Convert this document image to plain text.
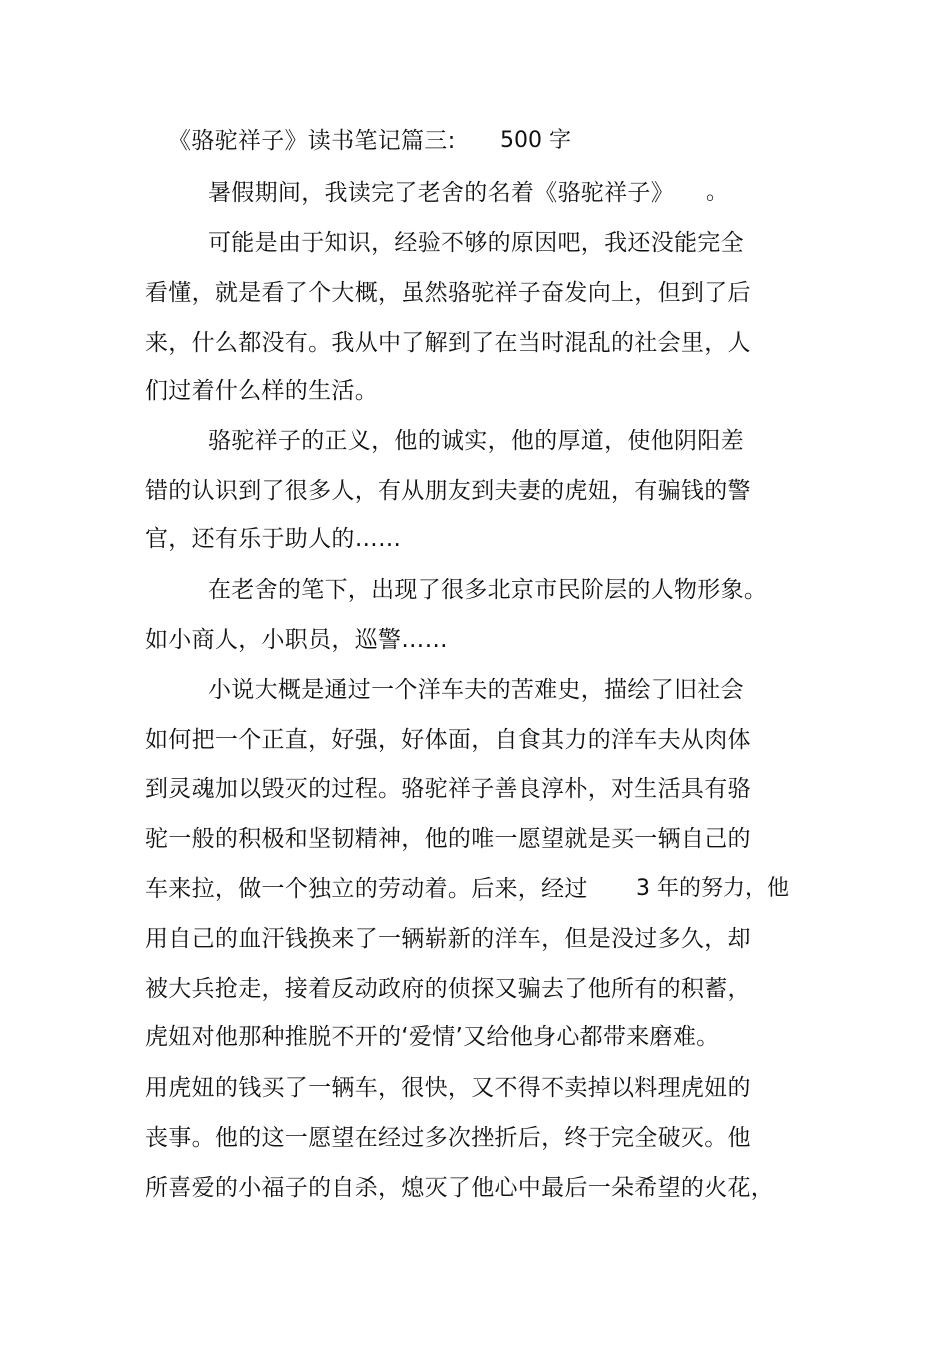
《骆驼祥子》读书笔记篇三: 500 字
暑假期间，我读完了老舍的名着《骆驼祥子》 。
可能是由于知识，经验不够的原因吧，我还没能完全
看懂，就是看了个大概，虽然骆驼祥子奋发向上，但到了后
来，什么都没有。我从中了解到了在当时混乱的社会里，人
们过着什么样的生活。
骆驼祥子的正义，他的诚实，他的厚道，使他阴阳差
错的认识到了很多人，有从朋友到夫妻的虎妞，有骗钱的警
官，还有乐于助人的……
在老舍的笔下，出现了很多北京市民阶层的人物形象。
如小商人，小职员，巡警……
小说大概是通过一个洋车夫的苦难史，描绘了旧社会
如何把一个正直，好强，好体面，自食其力的洋车夫从肉体
到灵魂加以毁灭的过程。骆驼祥子善良淳朴，对生活具有骆
驼一般的积极和坚韧精神，他的唯一愿望就是买一辆自己的
车来拉，做一个独立的劳动着。后来，经过 3 年的努力，他
用自己的血汗钱换来了一辆崭新的洋车，但是没过多久，却
被大兵抢走，接着反动政府的侦探又骗去了他所有的积蓄，
虎妞对他那种推脱不开的‘爱情’又给他身心都带来磨难。
用虎妞的钱买了一辆车，很快，又不得不卖掉以料理虎妞的
丧事。他的这一愿望在经过多次挫折后，终于完全破灭。他
所喜爱的小福子的自杀，熄灭了他心中最后一朵希望的火花，
